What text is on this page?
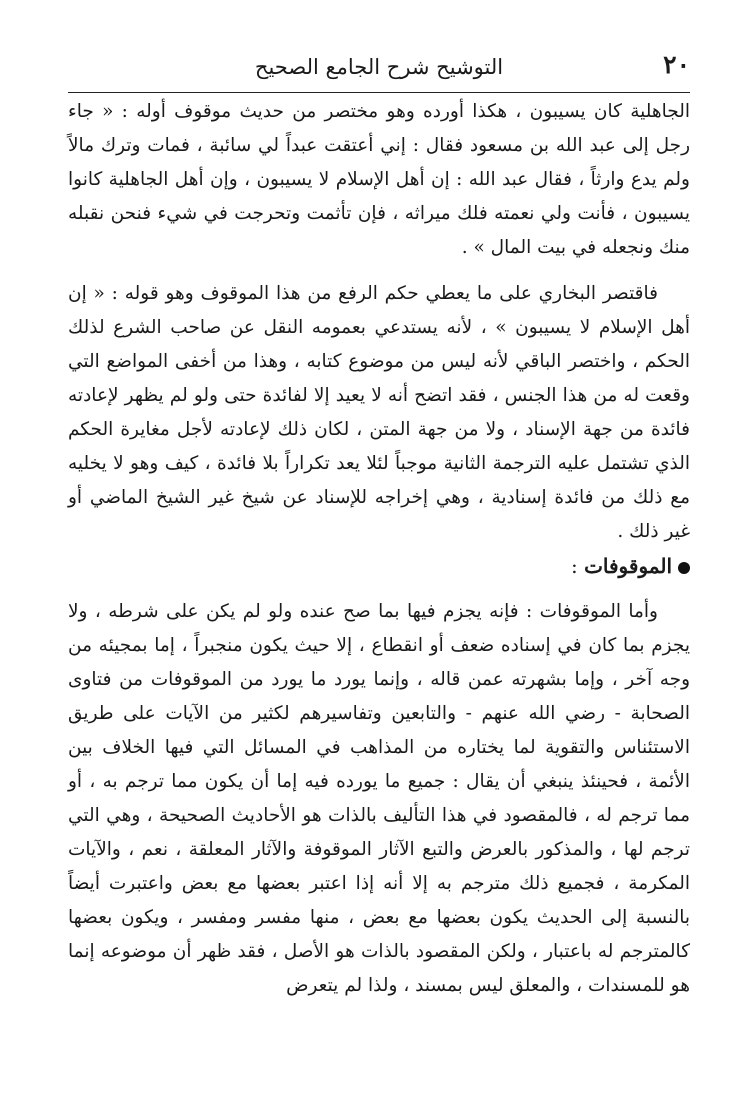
٢٠
التوشيح شرح الجامع الصحيح

الجاهلية كان يسيبون ، هكذا أورده وهو مختصر من حديث موقوف أوله : « جاء رجل إلى عبد الله بن مسعود فقال : إني أعتقت عبداً لي سائبة ، فمات وترك مالاً ولم يدع وارثاً ، فقال عبد الله : إن أهل الإسلام لا يسيبون ، وإن أهل الجاهلية كانوا يسيبون ، فأنت ولي نعمته فلك ميراثه ، فإن تأثمت وتحرجت في شيء فنحن نقبله منك ونجعله في بيت المال » .

فاقتصر البخاري على ما يعطي حكم الرفع من هذا الموقوف وهو قوله : « إن أهل الإسلام لا يسيبون » ، لأنه يستدعي بعمومه النقل عن صاحب الشرع لذلك الحكم ، واختصر الباقي لأنه ليس من موضوع كتابه ، وهذا من أخفى المواضع التي وقعت له من هذا الجنس ، فقد اتضح أنه لا يعيد إلا لفائدة حتى ولو لم يظهر لإعادته فائدة من جهة الإسناد ، ولا من جهة المتن ، لكان ذلك لإعادته لأجل مغايرة الحكم الذي تشتمل عليه الترجمة الثانية موجباً لئلا يعد تكراراً بلا فائدة ، كيف وهو لا يخليه مع ذلك من فائدة إسنادية ، وهي إخراجه للإسناد عن شيخ غير الشيخ الماضي أو غير ذلك .

الموقوفات :

وأما الموقوفات : فإنه يجزم فيها بما صح عنده ولو لم يكن على شرطه ، ولا يجزم بما كان في إسناده ضعف أو انقطاع ، إلا حيث يكون منجبراً ، إما بمجيئه من وجه آخر ، وإما بشهرته عمن قاله ، وإنما يورد ما يورد من الموقوفات من فتاوى الصحابة - رضي الله عنهم - والتابعين وتفاسيرهم لكثير من الآيات على طريق الاستئناس والتقوية لما يختاره من المذاهب في المسائل التي فيها الخلاف بين الأئمة ، فحينئذ ينبغي أن يقال : جميع ما يورده فيه إما أن يكون مما ترجم به ، أو مما ترجم له ، فالمقصود في هذا التأليف بالذات هو الأحاديث الصحيحة ، وهي التي ترجم لها ، والمذكور بالعرض والتبع الآثار الموقوفة والآثار المعلقة ، نعم ، والآيات المكرمة ، فجميع ذلك مترجم به إلا أنه إذا اعتبر بعضها مع بعض واعتبرت أيضاً بالنسبة إلى الحديث يكون بعضها مع بعض ، منها مفسر ومفسر ، ويكون بعضها كالمترجم له باعتبار ، ولكن المقصود بالذات هو الأصل ، فقد ظهر أن موضوعه إنما هو للمسندات ، والمعلق ليس بمسند ، ولذا لم يتعرض
